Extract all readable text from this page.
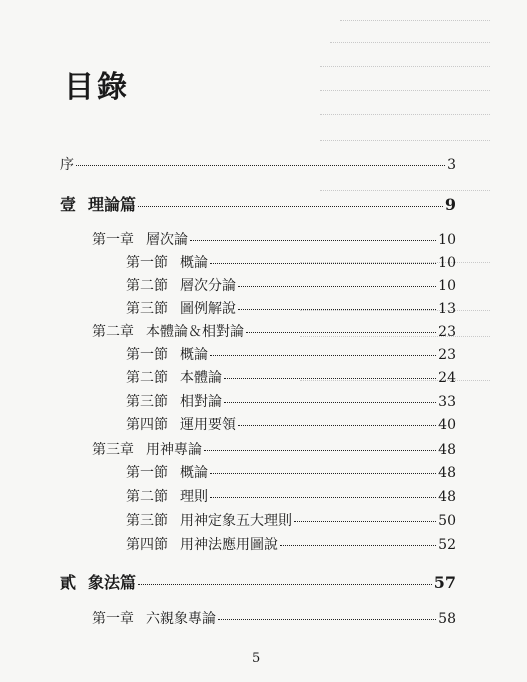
目錄
序	3
壹 理論篇	9
第一章 層次論	10
第一節 概論	10
第二節 層次分論	10
第三節 圖例解說	13
第二章 本體論＆相對論	23
第一節 概論	23
第二節 本體論	24
第三節 相對論	33
第四節 運用要領	40
第三章 用神專論	48
第一節 概論	48
第二節 理則	48
第三節 用神定象五大理則	50
第四節 用神法應用圖說	52
貳 象法篇	57
第一章 六親象專論	58
5
